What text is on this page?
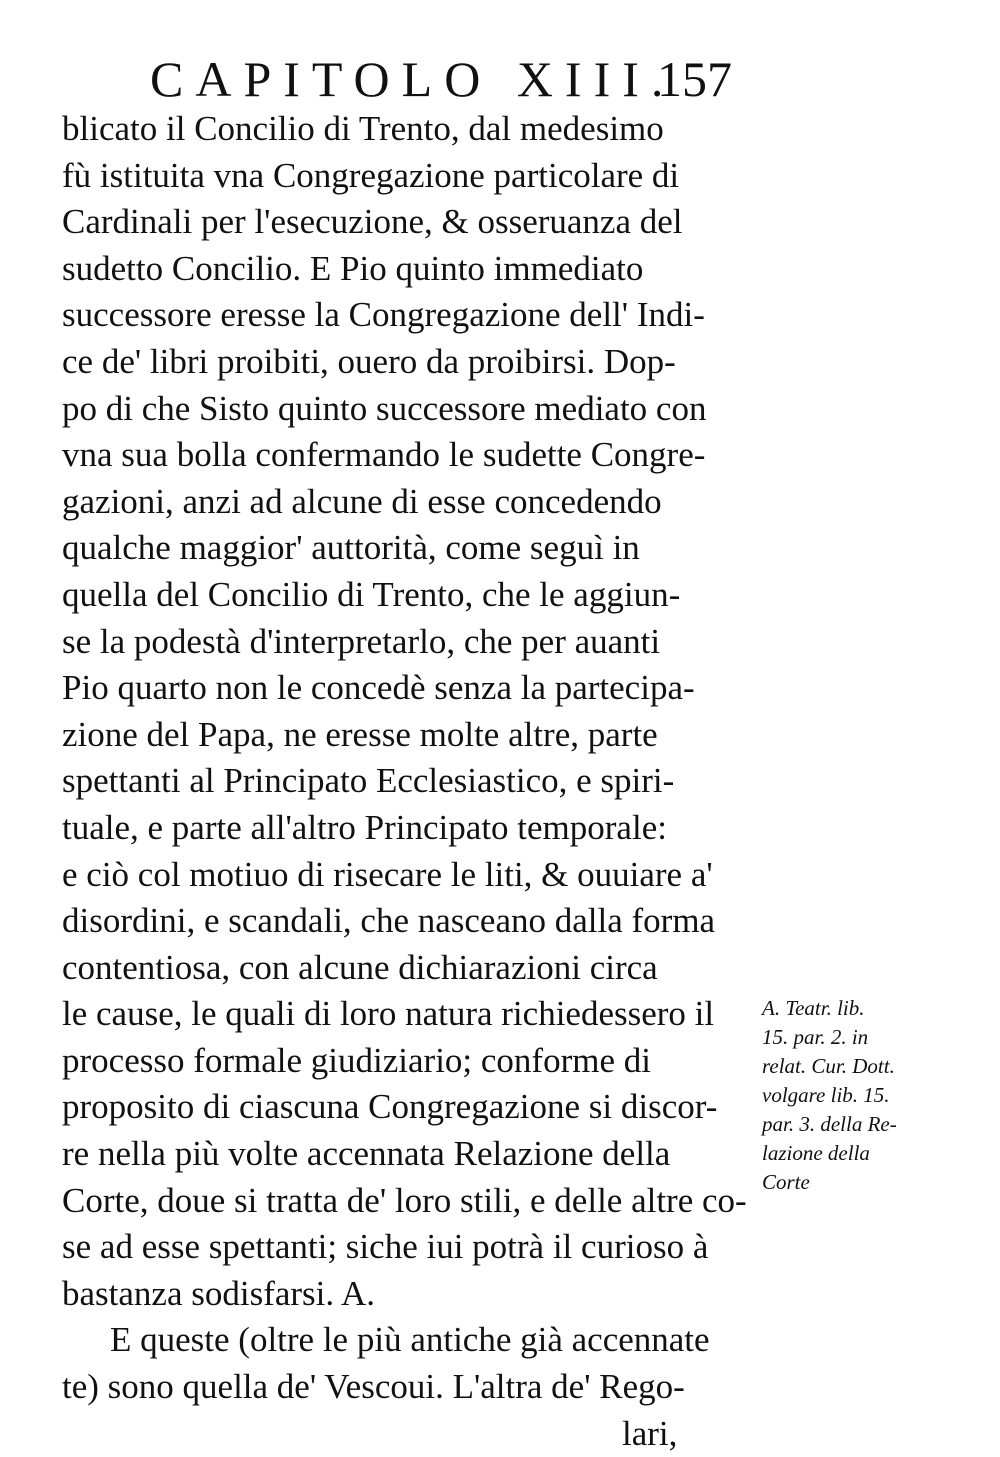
CAPITOLO XIII.
157
blicato il Concilio di Trento, dal medesimo
fù istituita vna Congregazione particolare di
Cardinali per l'esecuzione, & osseruanza del
sudetto Concilio. E Pio quinto immediato
successore eresse la Congregazione dell' Indi-
ce de' libri proibiti, ouero da proibirsi. Dop-
po di che Sisto quinto successore mediato con
vna sua bolla confermando le sudette Congre-
gazioni, anzi ad alcune di esse concedendo
qualche maggior' auttorità, come seguì in
quella del Concilio di Trento, che le aggiun-
se la podestà d'interpretarlo, che per auanti
Pio quarto non le concedè senza la partecipa-
zione del Papa, ne eresse molte altre, parte
spettanti al Principato Ecclesiastico, e spiri-
tuale, e parte all'altro Principato temporale:
e ciò col motiuo di risecare le liti, & ouuiare a'
disordini, e scandali, che nasceano dalla forma
contentiosa, con alcune dichiarazioni circa
le cause, le quali di loro natura richiedessero il
processo formale giudiziario; conforme di
proposito di ciascuna Congregazione si discor-
re nella più volte accennata Relazione della
Corte, doue si tratta de' loro stili, e delle altre co-
se ad esse spettanti; siche iui potrà il curioso à
bastanza sodisfarsi. A.
E queste (oltre le più antiche già accennate
te) sono quella de' Vescoui. L'altra de' Rego-
lari,
A. Teatr. lib.
15. par. 2. in
relat. Cur. Dott.
volgare lib. 15.
par. 3. della Re-
lazione della
Corte
